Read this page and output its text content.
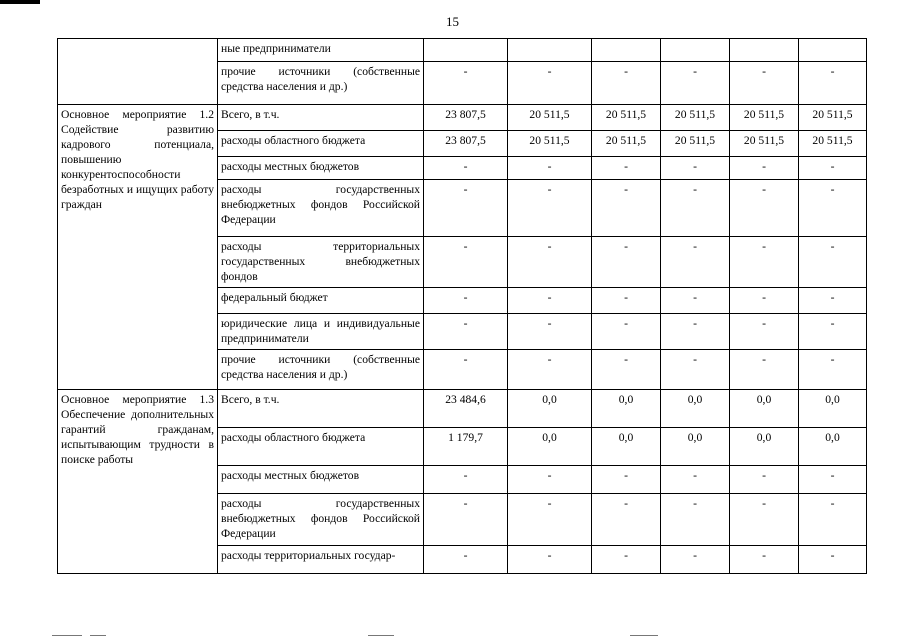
15
	ные предприниматели						
	прочие источники (собственные средства населения и др.)	-	-	-	-	-	-
Основное мероприятие 1.2 Содействие развитию кадрового потенциала, повышению конкурентоспособности безработных и ищущих работу граждан	Всего, в т.ч.	23 807,5	20 511,5	20 511,5	20 511,5	20 511,5	20 511,5
	расходы областного бюджета	23 807,5	20 511,5	20 511,5	20 511,5	20 511,5	20 511,5
	расходы местных бюджетов	-	-	-	-	-	-
	расходы государственных внебюджетных фондов Российской Федерации	-	-	-	-	-	-
	расходы территориальных государственных внебюджетных фондов	-	-	-	-	-	-
	федеральный бюджет	-	-	-	-	-	-
	юридические лица и индивидуальные предприниматели	-	-	-	-	-	-
	прочие источники (собственные средства населения и др.)	-	-	-	-	-	-
Основное мероприятие 1.3 Обеспечение дополнительных гарантий гражданам, испытывающим трудности в поиске работы	Всего, в т.ч.	23 484,6	0,0	0,0	0,0	0,0	0,0
	расходы областного бюджета	1 179,7	0,0	0,0	0,0	0,0	0,0
	расходы местных бюджетов	-	-	-	-	-	-
	расходы государственных внебюджетных фондов Российской Федерации	-	-	-	-	-	-
	расходы территориальных государ-	-	-	-	-	-	-
